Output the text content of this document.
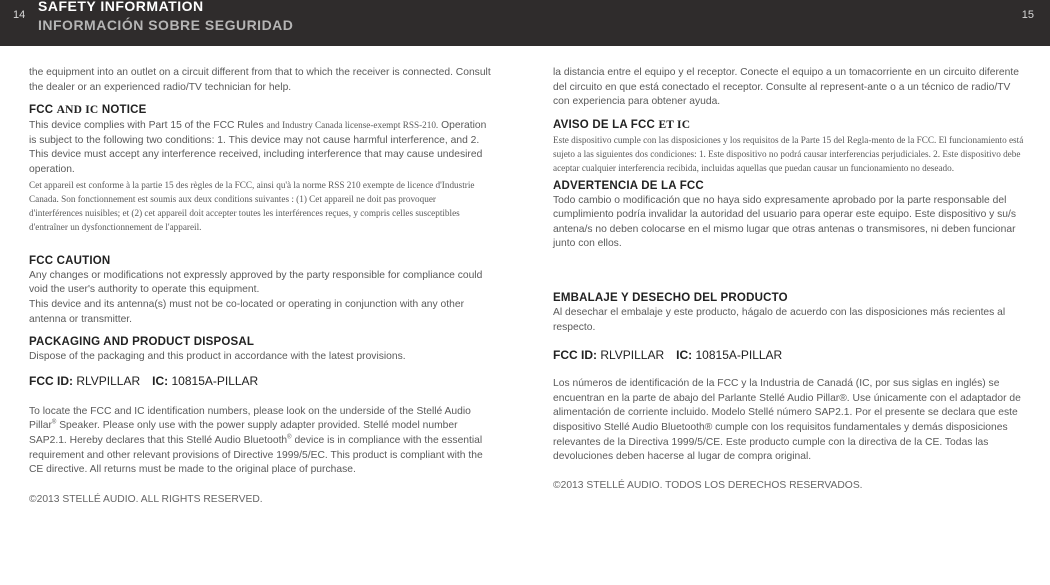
14
SAFETY INFORMATION
INFORMACIÓN SOBRE SEGURIDAD
15

the equipment into an outlet on a circuit different from that to which the receiver is connected. Consult the dealer or an experienced radio/TV technician for help.

FCC AND IC NOTICE

This device complies with Part 15 of the FCC Rules and Industry Canada license-exempt RSS-210. Operation is subject to the following two conditions: 1. This device may not cause harmful interference, and 2. This device must accept any interference received, including interference that may cause undesired operation.

Cet appareil est conforme à la partie 15 des règles de la FCC, ainsi qu'à la norme RSS 210 exempte de licence d'Industrie Canada. Son fonctionnement est soumis aux deux conditions suivantes : (1) Cet appareil ne doit pas provoquer d'interférences nuisibles; et (2) cet appareil doit accepter toutes les interférences reçues, y compris celles susceptibles d'entraîner un dysfonctionnement de l'appareil.

FCC CAUTION

Any changes or modifications not expressly approved by the party responsible for compliance could void the user's authority to operate this equipment.

This device and its antenna(s) must not be co-located or operating in conjunction with any other antenna or transmitter.

PACKAGING AND PRODUCT DISPOSAL

Dispose of the packaging and this product in accordance with the latest provisions.

FCC ID: RLVPILLAR IC: 10815A-PILLAR

To locate the FCC and IC identification numbers, please look on the underside of the Stellé Audio Pillar® Speaker. Please only use with the power supply adapter provided. Stellé model number SAP2.1. Hereby declares that this Stellé Audio Bluetooth® device is in compliance with the essential requirement and other relevant provisions of Directive 1999/5/EC. This product is compliant with the CE directive. All returns must be made to the original place of purchase.

©2013 STELLÉ AUDIO. ALL RIGHTS RESERVED.

la distancia entre el equipo y el receptor. Conecte el equipo a un tomacorriente en un circuito diferente del circuito en que está conectado el receptor. Consulte al represent-ante o a un técnico de radio/TV con experiencia para obtener ayuda.

AVISO DE LA FCC ET IC

Este dispositivo cumple con las disposiciones y los requisitos de la Parte 15 del Regla-mento de la FCC. El funcionamiento está sujeto a las siguientes dos condiciones: 1. Este dispositivo no podrá causar interferencias perjudiciales. 2. Este dispositivo debe aceptar cualquier interferencia recibida, incluidas aquellas que puedan causar un funcionamiento no deseado.

ADVERTENCIA DE LA FCC

Todo cambio o modificación que no haya sido expresamente aprobado por la parte responsable del cumplimiento podría invalidar la autoridad del usuario para operar este equipo. Este dispositivo y su/s antena/s no deben colocarse en el mismo lugar que otras antenas o transmisores, ni deben funcionar junto con ellos.

EMBALAJE Y DESECHO DEL PRODUCTO

Al desechar el embalaje y este producto, hágalo de acuerdo con las disposiciones más recientes al respecto.

FCC ID: RLVPILLAR IC: 10815A-PILLAR

Los números de identificación de la FCC y la Industria de Canadá (IC, por sus siglas en inglés) se encuentran en la parte de abajo del Parlante Stellé Audio Pillar®. Use únicamente con el adaptador de alimentación de corriente incluido. Modelo Stellé número SAP2.1. Por el presente se declara que este dispositivo Stellé Audio Bluetooth® cumple con los requisitos fundamentales y demás disposiciones relevantes de la Directiva 1999/5/CE. Este producto cumple con la directiva de la CE. Todas las devoluciones deben hacerse al lugar de compra original.

©2013 STELLÉ AUDIO. TODOS LOS DERECHOS RESERVADOS.
